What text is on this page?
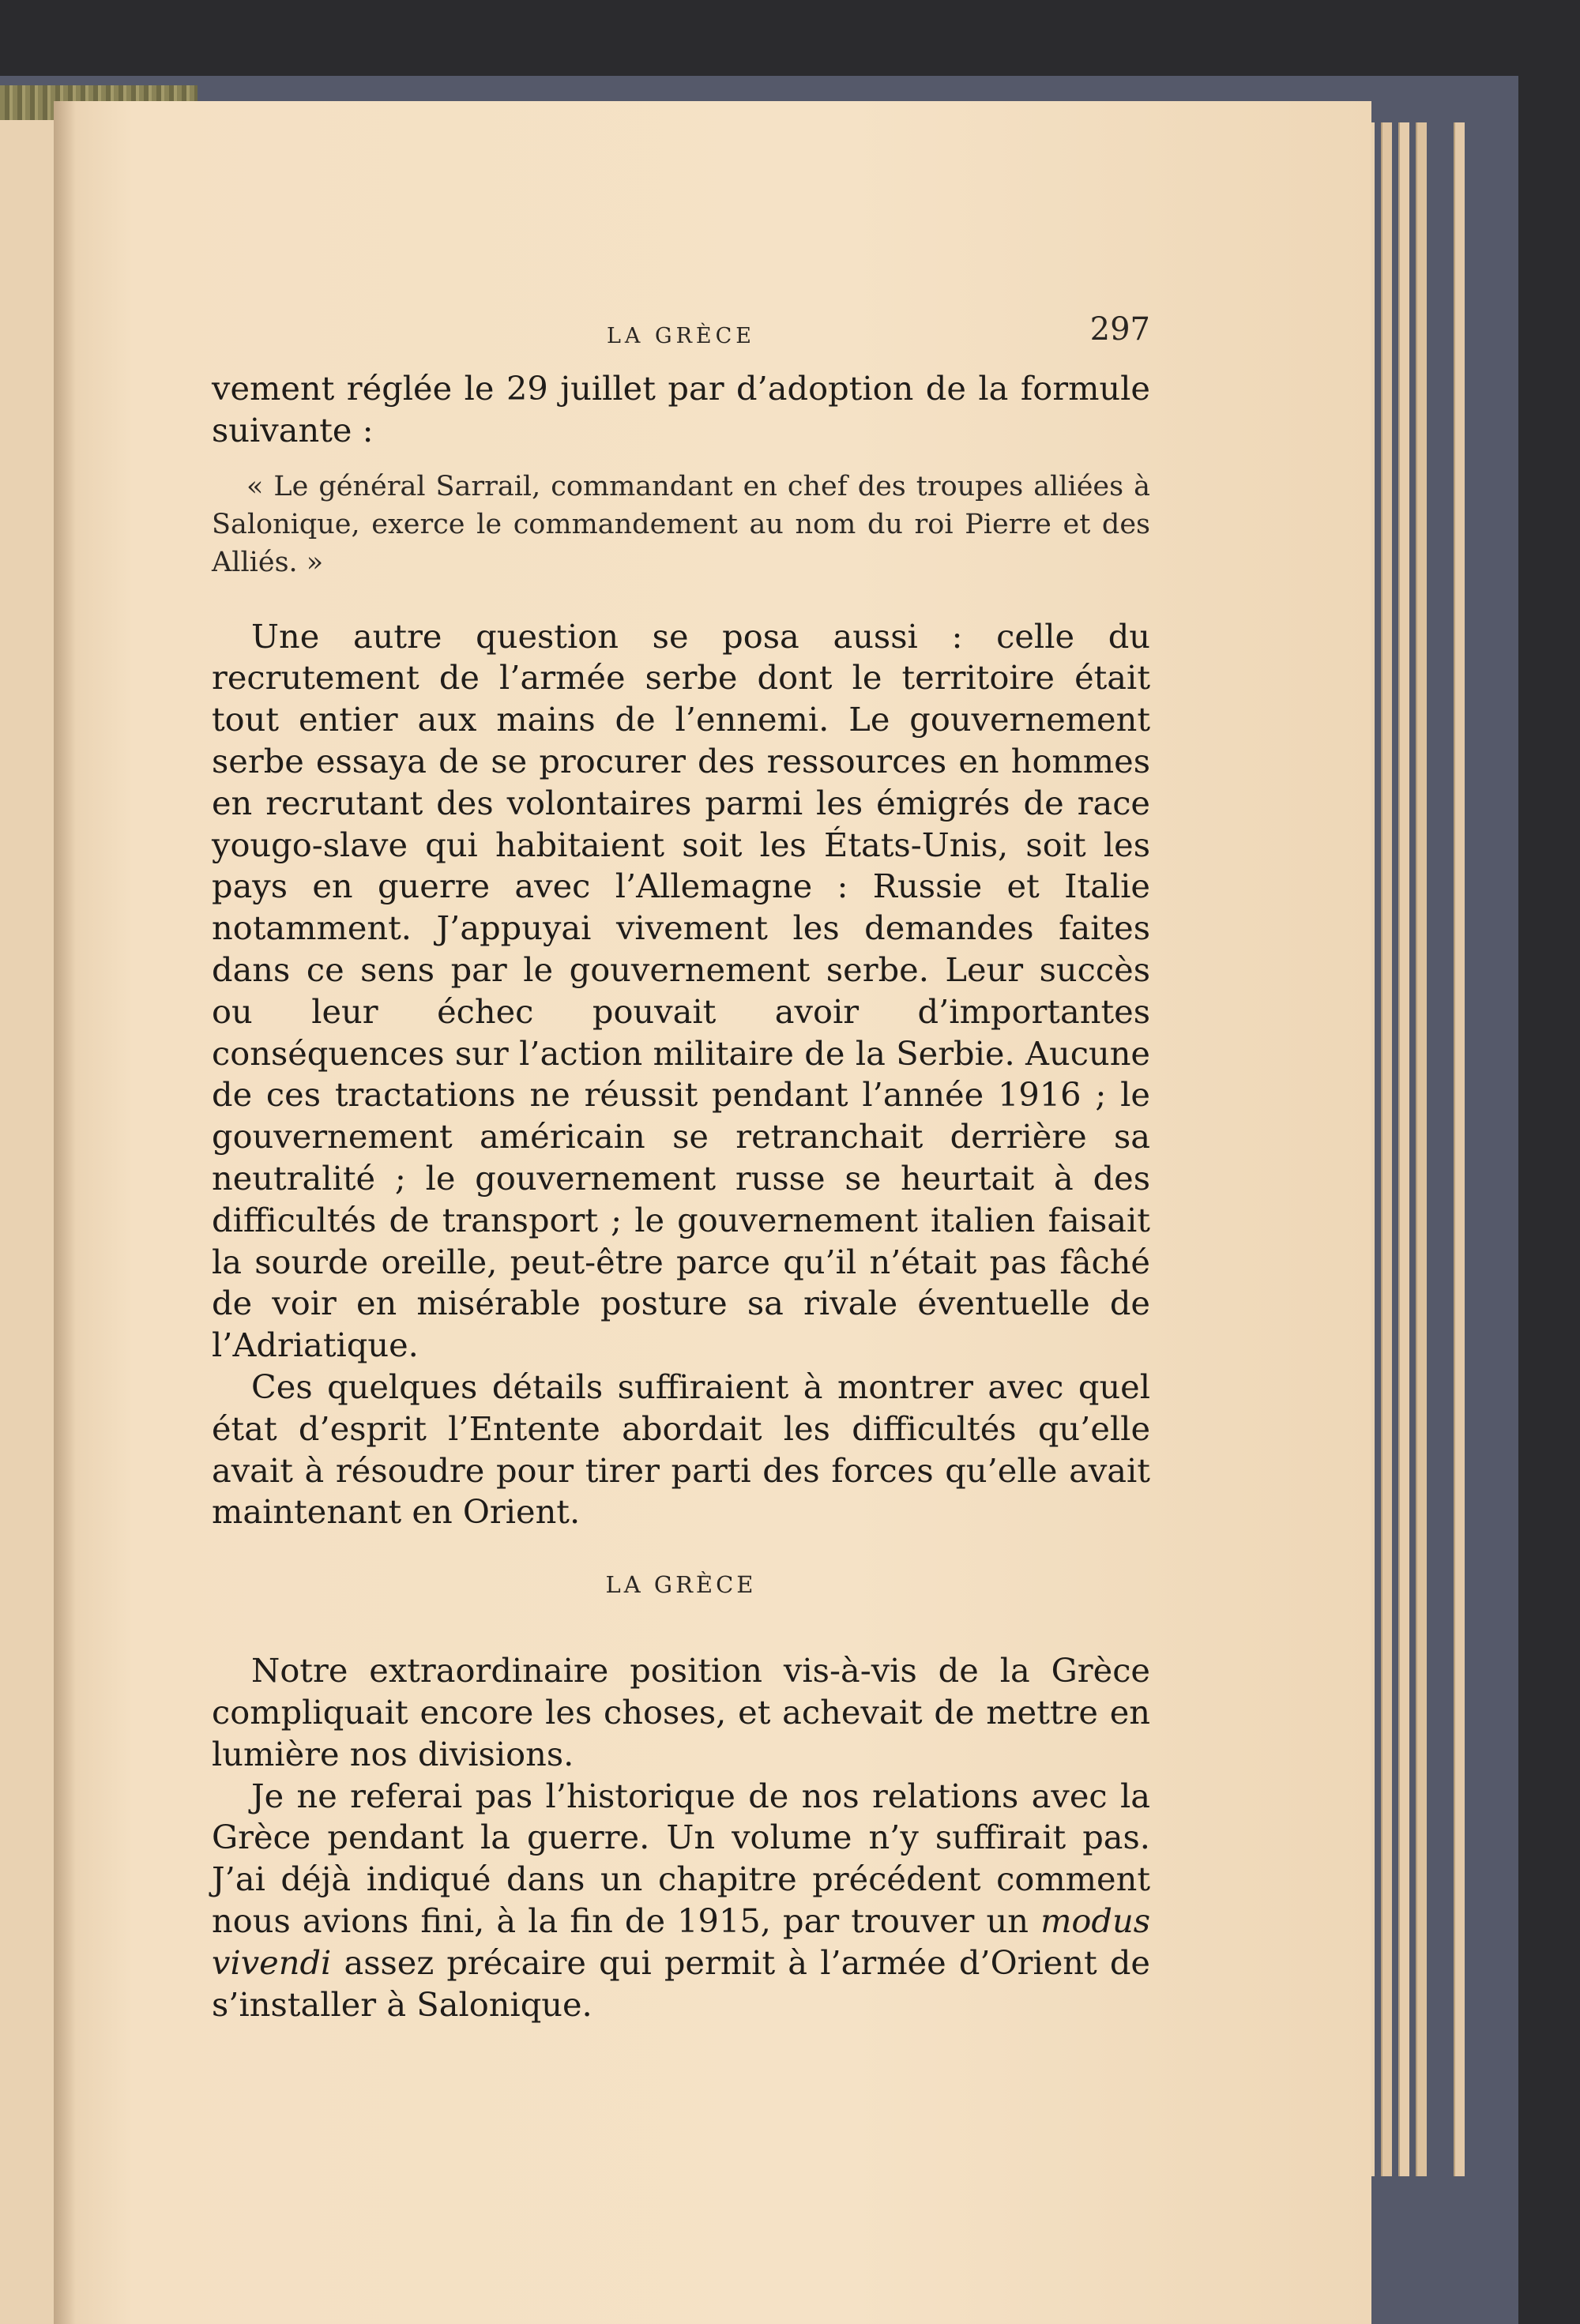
LA GRÈCE	297

vement réglée le 29 juillet par d’adoption de la formule suivante :

« Le général Sarrail, commandant en chef des troupes alliées à Salonique, exerce le commandement au nom du roi Pierre et des Alliés. »

Une autre question se posa aussi : celle du recrutement de l’armée serbe dont le territoire était tout entier aux mains de l’ennemi. Le gouvernement serbe essaya de se procurer des ressources en hommes en recrutant des volontaires parmi les émigrés de race yougo-slave qui habitaient soit les États-Unis, soit les pays en guerre avec l’Allemagne : Russie et Italie notamment. J’appuyai vivement les demandes faites dans ce sens par le gouvernement serbe. Leur succès ou leur échec pouvait avoir d’importantes conséquences sur l’action militaire de la Serbie. Aucune de ces tractations ne réussit pendant l’année 1916 ; le gouvernement américain se retranchait derrière sa neutralité ; le gouvernement russe se heurtait à des difficultés de transport ; le gouvernement italien faisait la sourde oreille, peut-être parce qu’il n’était pas fâché de voir en misérable posture sa rivale éventuelle de l’Adriatique.

Ces quelques détails suffiraient à montrer avec quel état d’esprit l’Entente abordait les difficultés qu’elle avait à résoudre pour tirer parti des forces qu’elle avait maintenant en Orient.

LA GRÈCE

Notre extraordinaire position vis-à-vis de la Grèce compliquait encore les choses, et achevait de mettre en lumière nos divisions.

Je ne referai pas l’historique de nos relations avec la Grèce pendant la guerre. Un volume n’y suffirait pas. J’ai déjà indiqué dans un chapitre précédent comment nous avions fini, à la fin de 1915, par trouver un modus vivendi assez précaire qui permit à l’armée d’Orient de s’installer à Salonique.
